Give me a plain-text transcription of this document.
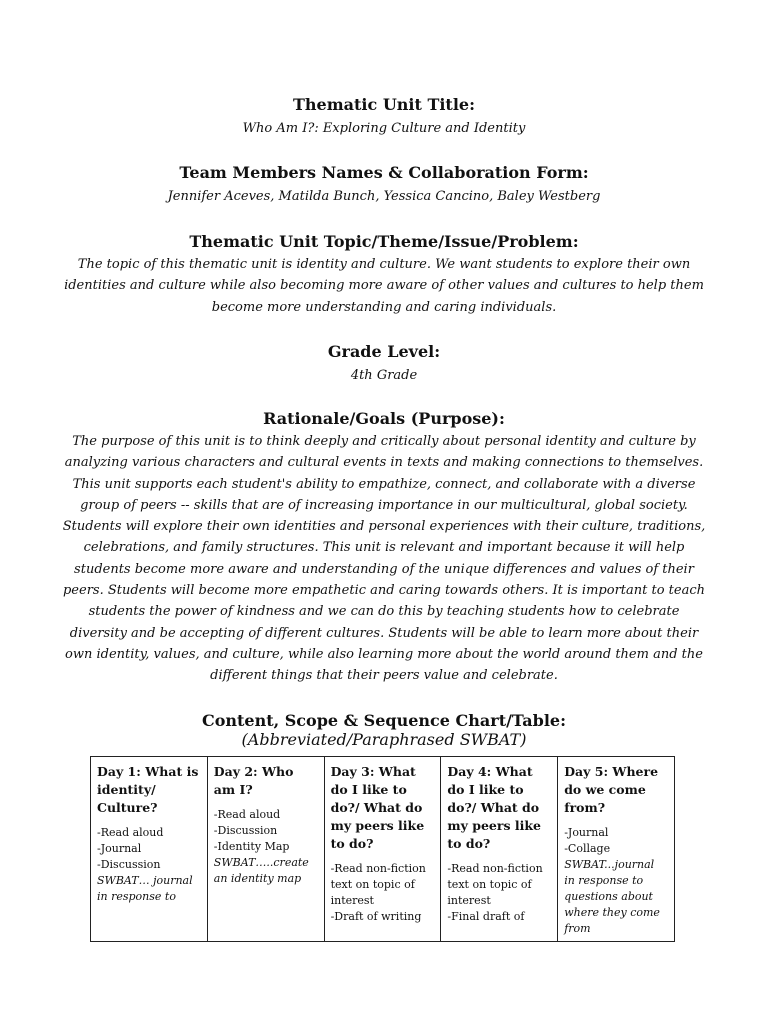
Thematic Unit Title:
Who Am I?: Exploring Culture and Identity
Team Members Names & Collaboration Form:
Jennifer Aceves, Matilda Bunch, Yessica Cancino, Baley Westberg
Thematic Unit Topic/Theme/Issue/Problem:
The topic of this thematic unit is identity and culture. We want students to explore their own identities and culture while also becoming more aware of other values and cultures to help them become more understanding and caring individuals.
Grade Level:
4th Grade
Rationale/Goals (Purpose):
The purpose of this unit is to think deeply and critically about personal identity and culture by analyzing various characters and cultural events in texts and making connections to themselves. This unit supports each student's ability to empathize, connect, and collaborate with a diverse group of peers -- skills that are of increasing importance in our multicultural, global society. Students will explore their own identities and personal experiences with their culture, traditions, celebrations, and family structures. This unit is relevant and important because it will help students become more aware and understanding of the unique differences and values of their peers. Students will become more empathetic and caring towards others. It is important to teach students the power of kindness and we can do this by teaching students how to celebrate diversity and be accepting of different cultures. Students will be able to learn more about their own identity, values, and culture, while also learning more about the world around them and the different things that their peers value and celebrate.
Content, Scope & Sequence Chart/Table: (Abbreviated/Paraphrased SWBAT)
Day 1: What is identity/ Culture?
-Read aloud
-Journal
-Discussion
SWBAT… journal in response to

Day 2: Who am I?
-Read aloud
-Discussion
-Identity Map
SWBAT…..create an identity map

Day 3: What do I like to do?/ What do my peers like to do?
-Read non-fiction text on topic of interest
-Draft of writing

Day 4: What do I like to do?/ What do my peers like to do?
-Read non-fiction text on topic of interest
-Final draft of

Day 5: Where do we come from?
-Journal
-Collage
SWBAT...journal in response to questions about where they come from
